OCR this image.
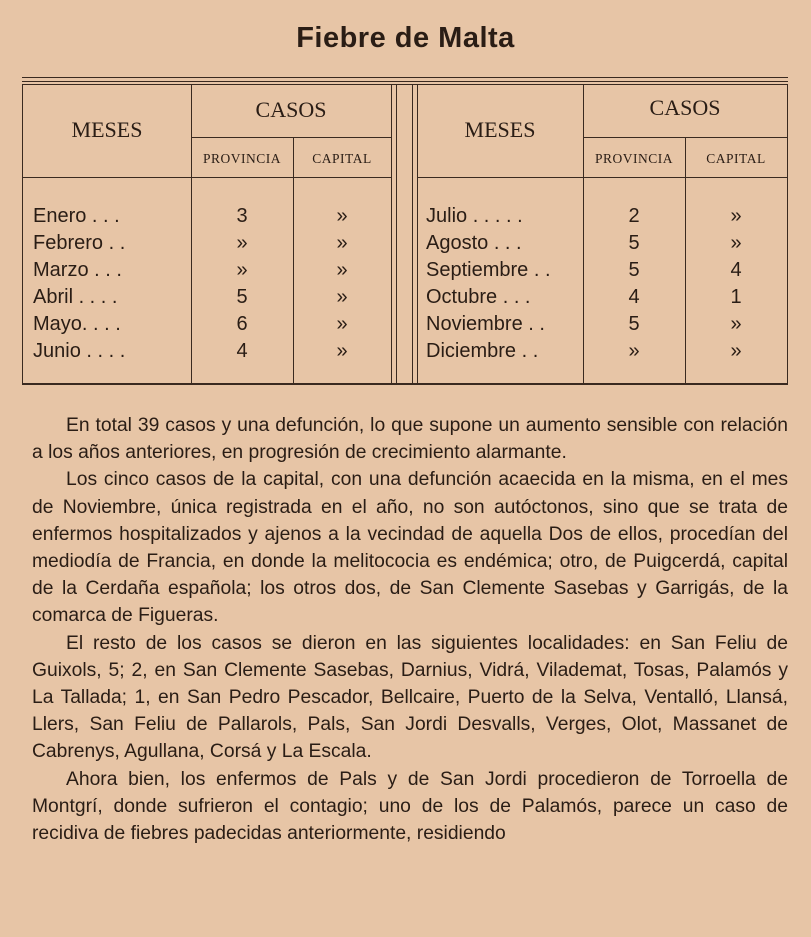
Fiebre de Malta
MESES
CASOS
PROVINCIA	CAPITAL
MESES
CASOS
PROVINCIA	CAPITAL
Enero . . .	3	»
Febrero . .	»	»
Marzo . . .	»	»
Abril . . . .	5	»
Mayo. . . .	6	»
Junio . . . .	4	»
Julio . . . . .	2	»
Agosto . . .	5	»
Septiembre . .	5	4
Octubre . . .	4	1
Noviembre . .	5	»
Diciembre . .	»	»

En total 39 casos y una defunción, lo que supone un aumento sensible con relación a los años anteriores, en progresión de crecimiento alarmante.

Los cinco casos de la capital, con una defunción acaecida en la misma, en el mes de Noviembre, única registrada en el año, no son autóctonos, sino que se trata de enfermos hospitalizados y ajenos a la vecindad de aquella Dos de ellos, procedían del mediodía de Francia, en donde la melitococia es endémica; otro, de Puigcerdá, capital de la Cerdaña española; los otros dos, de San Clemente Sasebas y Garrigás, de la comarca de Figueras.

El resto de los casos se dieron en las siguientes localidades: en San Feliu de Guixols, 5; 2, en San Clemente Sasebas, Darnius, Vidrá, Vilademat, Tosas, Palamós y La Tallada; 1, en San Pedro Pescador, Bellcaire, Puerto de la Selva, Ventalló, Llansá, Llers, San Feliu de Pallarols, Pals, San Jordi Desvalls, Verges, Olot, Massanet de Cabrenys, Agullana, Corsá y La Escala.

Ahora bien, los enfermos de Pals y de San Jordi procedieron de Torroella de Montgrí, donde sufrieron el contagio; uno de los de Palamós, parece un caso de recidiva de fiebres padecidas anteriormente, residiendo
